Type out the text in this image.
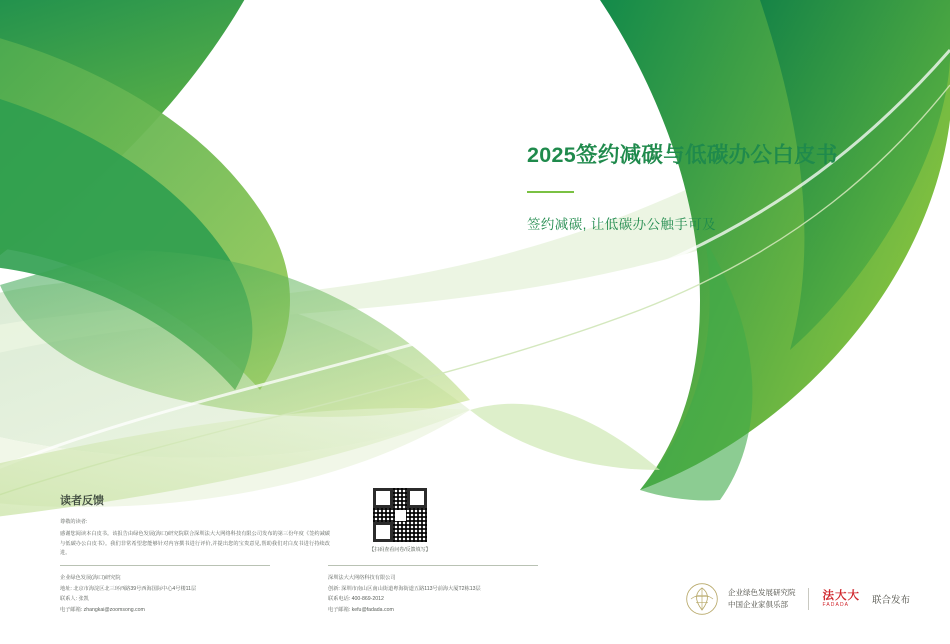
2025签约减碳与低碳办公白皮书

签约减碳, 让低碳办公触手可及

读者反馈

尊敬的读者:

感谢您阅读本白皮书。该报告由绿色发展(海口)研究院联合深圳法大大网络科技有限公司发布的第三份年度《签约减碳与低碳办公白皮书》。我们非常希望您能够针对内容撰书进行评价,并提出您的宝贵意见,帮助我们对白皮书进行持续改进。

【扫码查看问卷/反馈填写】
企业绿色发展(海口)研究院
地址: 北京市海淀区北三环西路39号西海国际中心4号楼11层
联系人: 张凯
电子邮箱: zhangkai@zoomsong.com
深圳法大大网络科技有限公司
创新: 深圳市南山区南山街道粤海街道五路113号前海大厦T2栋13层
联系电话: 400-869-2012
电子邮箱: kefu@fadada.com
企业绿色发展研究院
中国企业家俱乐部
法大大
FADADA	联合发布
